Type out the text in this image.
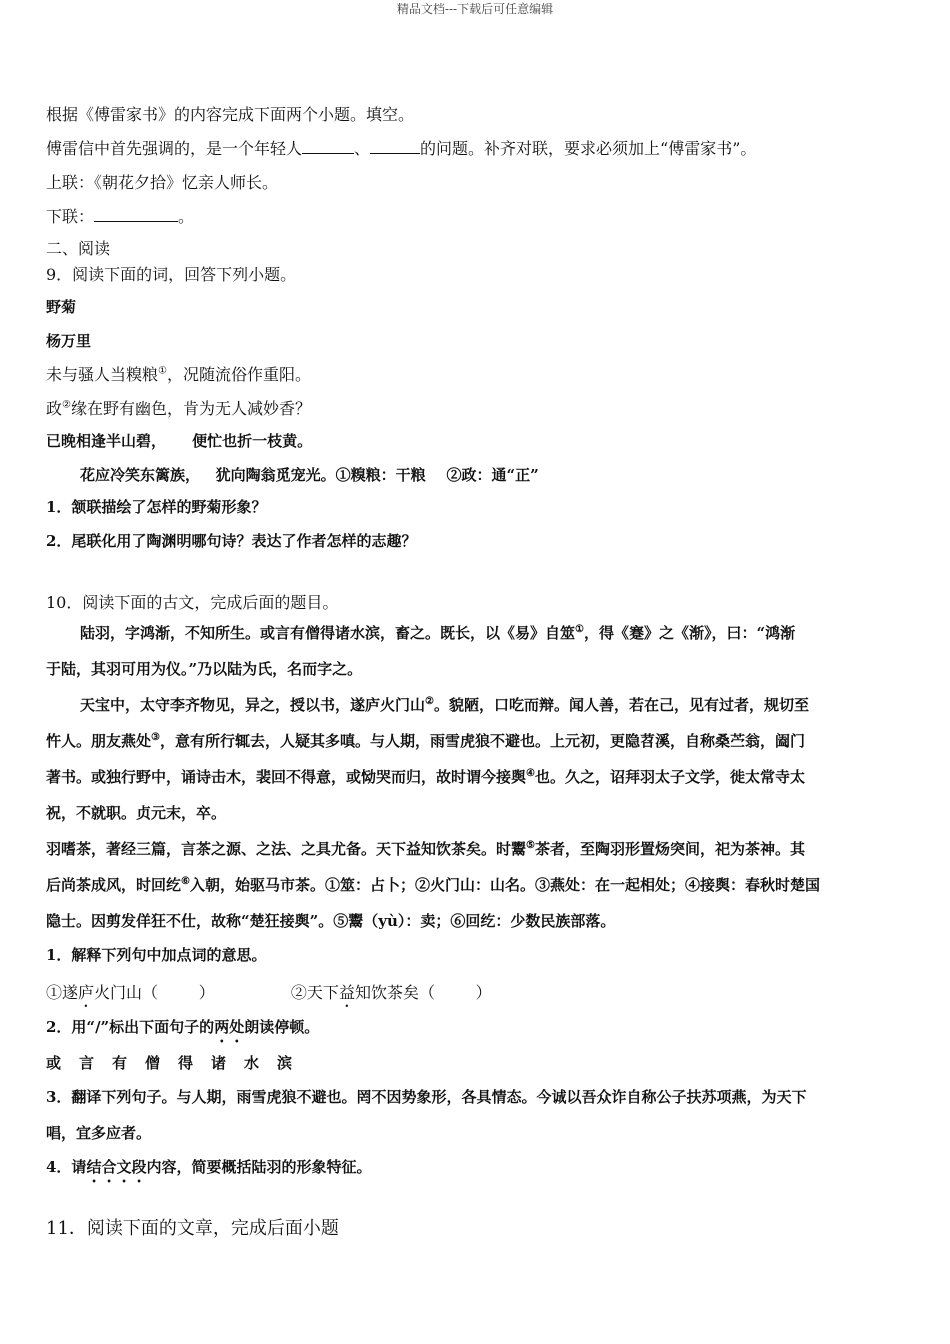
精品文档---下载后可任意编辑
根据《傅雷家书》的内容完成下面两个小题。填空。
傅雷信中首先强调的，是一个年轻人	、	的问题。补齐对联，要求必须加上“傅雷家书”。
上联：《朝花夕拾》忆亲人师长。
下联：	。
二、阅读
9．阅读下面的词，回答下列小题。
野菊
杨万里
未与骚人当糗粮①，况随流俗作重阳。
政②缘在野有幽色，肯为无人减妙香？
已晚相逢半山碧，     便忙也折一枝黄。
花应冷笑东篱族，   犹向陶翁觅宠光。①糗粮：干粮    ②政：通“正”
1．颔联描绘了怎样的野菊形象？
2．尾联化用了陶渊明哪句诗？表达了作者怎样的志趣？
10．阅读下面的古文，完成后面的题目。
陆羽，字鸿渐，不知所生。或言有僧得诸水滨，畜之。既长，以《易》自筮①，得《蹇》之《渐》，曰：“鸿渐
于陆，其羽可用为仪。”乃以陆为氏，名而字之。
天宝中，太守李齐物见，异之，授以书，遂庐火门山②。貌陋，口吃而辩。闻人善，若在己，见有过者，规切至
忤人。朋友燕处③，意有所行辄去，人疑其多嗔。与人期，雨雪虎狼不避也。上元初，更隐苕溪，自称桑苎翁，阖门
著书。或独行野中，诵诗击木，裴回不得意，或恸哭而归，故时谓今接舆④也。久之，诏拜羽太子文学，徙太常寺太
祝，不就职。贞元末，卒。
羽嗜茶，著经三篇，言茶之源、之法、之具尤备。天下益知饮茶矣。时鬻⑤茶者，至陶羽形置炀突间，祀为茶神。其
后尚茶成风，时回纥⑥入朝，始驱马市茶。①筮：占卜；②火门山：山名。③燕处：在一起相处；④接舆：春秋时楚国
隐士。因剪发佯狂不仕，故称“楚狂接舆”。⑤鬻（yù）：卖；⑥回纥：少数民族部落。
1．解释下列句中加点词的意思。
①遂庐火门山（        ）	②天下益知饮茶矣（        ）
2．用“/”标出下面句子的两处朗读停顿。
或言有僧得诸水滨
3．翻译下列句子。与人期，雨雪虎狼不避也。罔不因势象形，各具情态。今诚以吾众诈自称公子扶苏项燕，为天下
唱，宜多应者。
4．请结合文段内容，简要概括陆羽的形象特征。
11．阅读下面的文章，完成后面小题
